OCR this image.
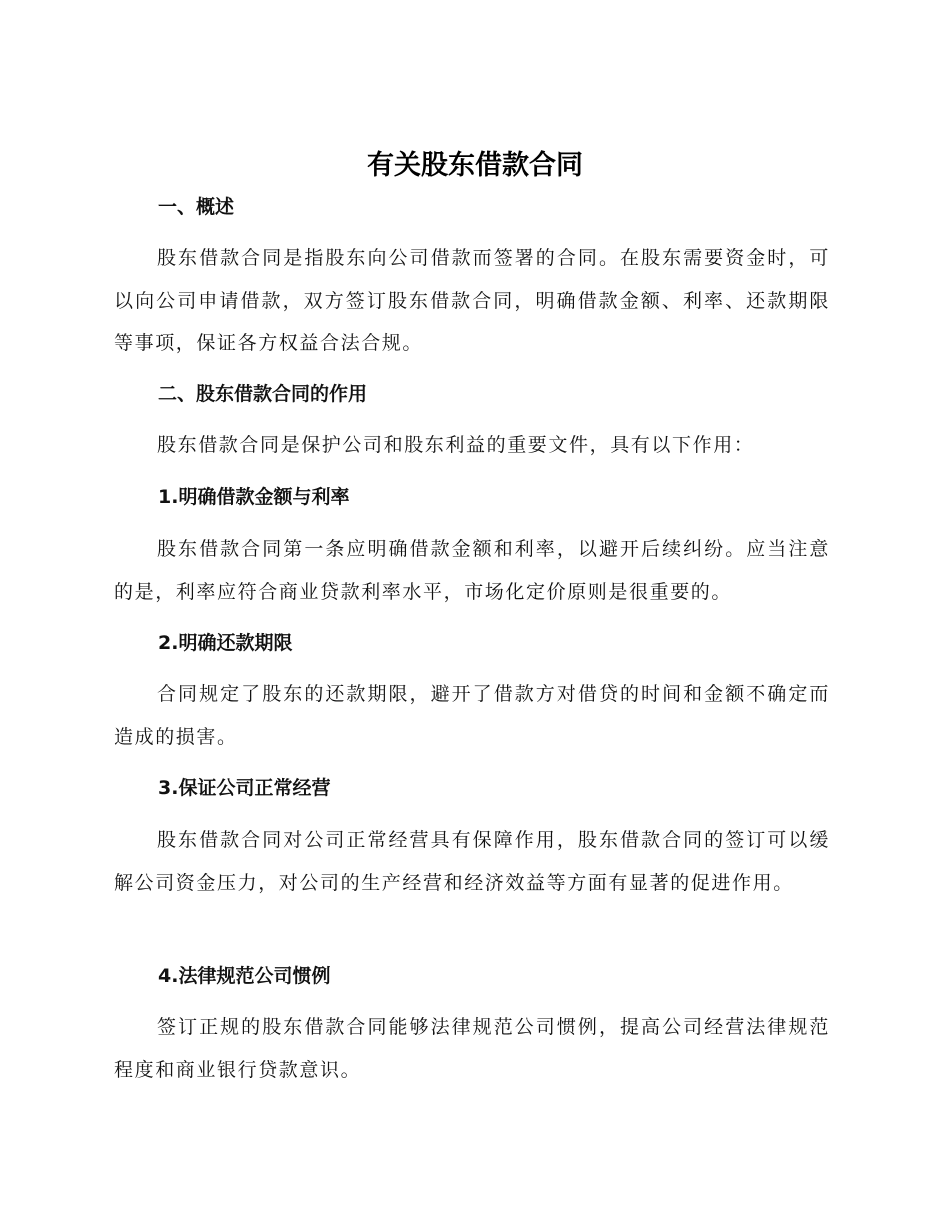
有关股东借款合同
一、概述

股东借款合同是指股东向公司借款而签署的合同。在股东需要资金时，可以向公司申请借款，双方签订股东借款合同，明确借款金额、利率、还款期限等事项，保证各方权益合法合规。

二、股东借款合同的作用

股东借款合同是保护公司和股东利益的重要文件，具有以下作用：

1.明确借款金额与利率

股东借款合同第一条应明确借款金额和利率，以避开后续纠纷。应当注意的是，利率应符合商业贷款利率水平，市场化定价原则是很重要的。

2.明确还款期限

合同规定了股东的还款期限，避开了借款方对借贷的时间和金额不确定而造成的损害。

3.保证公司正常经营

股东借款合同对公司正常经营具有保障作用，股东借款合同的签订可以缓解公司资金压力，对公司的生产经营和经济效益等方面有显著的促进作用。

4.法律规范公司惯例

签订正规的股东借款合同能够法律规范公司惯例，提高公司经营法律规范程度和商业银行贷款意识。
